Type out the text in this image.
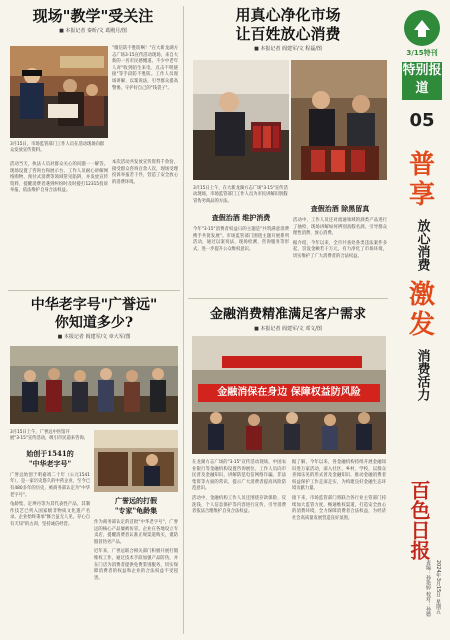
现场"教学"受关注
■ 本报记者 秦昕/文 葛殿月/图

"微信防不胜防啊！"在大新龙湖方志广场3·15宣传活动现场，来自大新的一名市民感慨道。不少中老年人对"收到陌生来电、点击不明链接"等手段防不胜防。工作人员现场讲解、以案说法，引导群众提高警惕，守护好自己的"钱袋子"。

3月15日，市场监管部门工作人员在活动现场向群众发放宣传资料。

活动当天，执法人员对群众关心的问题一一解答。现场设置了咨询台和展示台，工作人员耐心讲解网络购物、预付式消费等领域常见陷阱，并发放宣传资料，提醒消费者遇到纠纷时及时拨打12315投诉举报，依法维护自身合法权益。

本次活动共发放宣传资料千余份，接受群众咨询百余人次，现场受理投诉举报若干件，营造了安全放心的消费环境。

用真心净化市场
让百姓放心消费
■ 本报记者 阎建军/文 程磊/图

3月15日上午，在大新龙湖方志广场"3·15"宣传活动现场，市场监管部门工作人员为市民讲解识别假冒伪劣商品的方法。

查假治酒 维护消费

今年"3·15"消费者权益日的主题是"共筑满意消费 携手共促发展"。市场监管部门围绕主题开展系列活动，通过以案说法、现场检测、咨询服务等形式，进一步提升公众维权意识。

查假治酒 除黑留真

活动中，工作人员还对流通领域的酒类产品进行了抽检，现场讲解如何辨别真假名酒，引导群众理性消费、放心消费。

据介绍，今年以来，全市共查处各类违法案件多起，罚没金额若干万元，有力净化了市场环境，切实维护了广大消费者的合法权益。

3/15特刊
特别报道
05
普
享
放心消费
激
发
消费活力
百色日报
2024年3月15日 星期五
责编：孙艳婷 校对：孙德
中华老字号"广誉远"
你知道多少?
■ 本报记者 阎建军/文 章大军/图

3月15日上午，广誉远中医馆开展"3·15"宣传活动，吸引市民前来咨询。

始创于1541的

"中华老字号"

广誉远始创于明嘉靖二十年（公元1541年），是一家历史悠久的中药企业，至今已有480多年的历史，被商务部认定为"中华老字号"。

龟龄集、定坤丹等为其代表性产品，其制作技艺已列入国家级非物质文化遗产名录。企业始终秉承"修合虽无人见，存心自有天知"的古训，坚持诚信经营。

广誉远的打假

"专家"龟龄集

作为商务部认定的首批"中华老字号"，广誉远的核心产品屡被仿冒。企业在各地设立专卖店，提醒消费者认准正规渠道购买，谨防假冒伪劣产品。

近年来，广誉远联合相关部门积极开展打假维权工作，通过技术手段加强产品防伪，并在门店为消费者提供免费鉴别服务，切实保障消费者的权益和企业的合法权益不受侵害。

金融消费精准满足客户需求
■ 本报记者 阎建军/文 邓文/图
金融消保在身边 保障权益防风险

在龙湖方志广场的"3·15"宣传活动现场，中国农业银行等金融机构设置咨询展位，工作人员向市民普及金融知识，讲解防范电信网络诈骗、非法集资等方面的常识，提示广大消费者提高风险防范意识。

活动中，金融机构工作人员还围绕存款保险、反洗钱、个人信息保护等内容进行宣传，引导消费者依法合理维护自身合法权益。

据了解，今年以来，各金融机构持续开展金融知识进万家活动，深入社区、乡村、学校，以群众喜闻乐见的形式普及金融知识，推动金融消费者权益保护工作走深走实，为构建良好金融生态环境贡献力量。

接下来，市场监管部门将联合各行业主管部门持续加大监管力度，畅通维权渠道，打造安全放心的消费环境，全力保障消费者合法权益，为经济社会高质量发展营造良好氛围。
